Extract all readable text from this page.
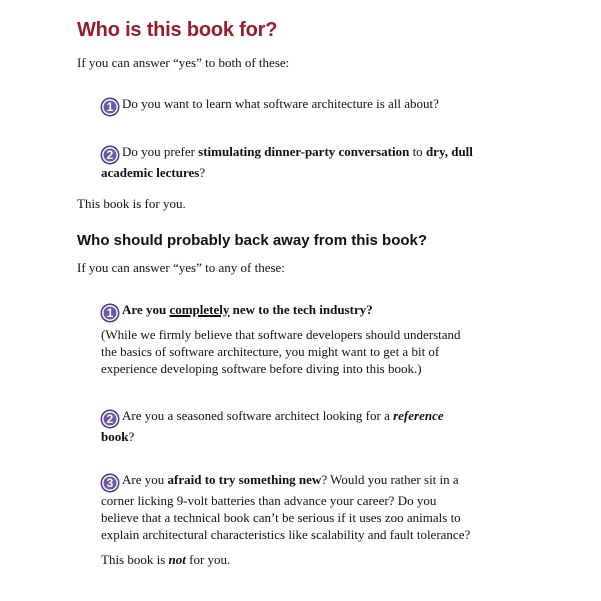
Who is this book for?

If you can answer “yes” to both of these:

1 Do you want to learn what software architecture is all about?
2 Do you prefer stimulating dinner-party conversation to dry, dull
academic lectures?

This book is for you.

Who should probably back away from this book?

If you can answer “yes” to any of these:

1 Are you completely new to the tech industry?
(While we firmly believe that software developers should understand
the basics of software architecture, you might want to get a bit of
experience developing software before diving into this book.)
2 Are you a seasoned software architect looking for a reference
book?
3 Are you afraid to try something new? Would you rather sit in a
corner licking 9-volt batteries than advance your career? Do you
believe that a technical book can’t be serious if it uses zoo animals to
explain architectural characteristics like scalability and fault tolerance?

This book is not for you.
